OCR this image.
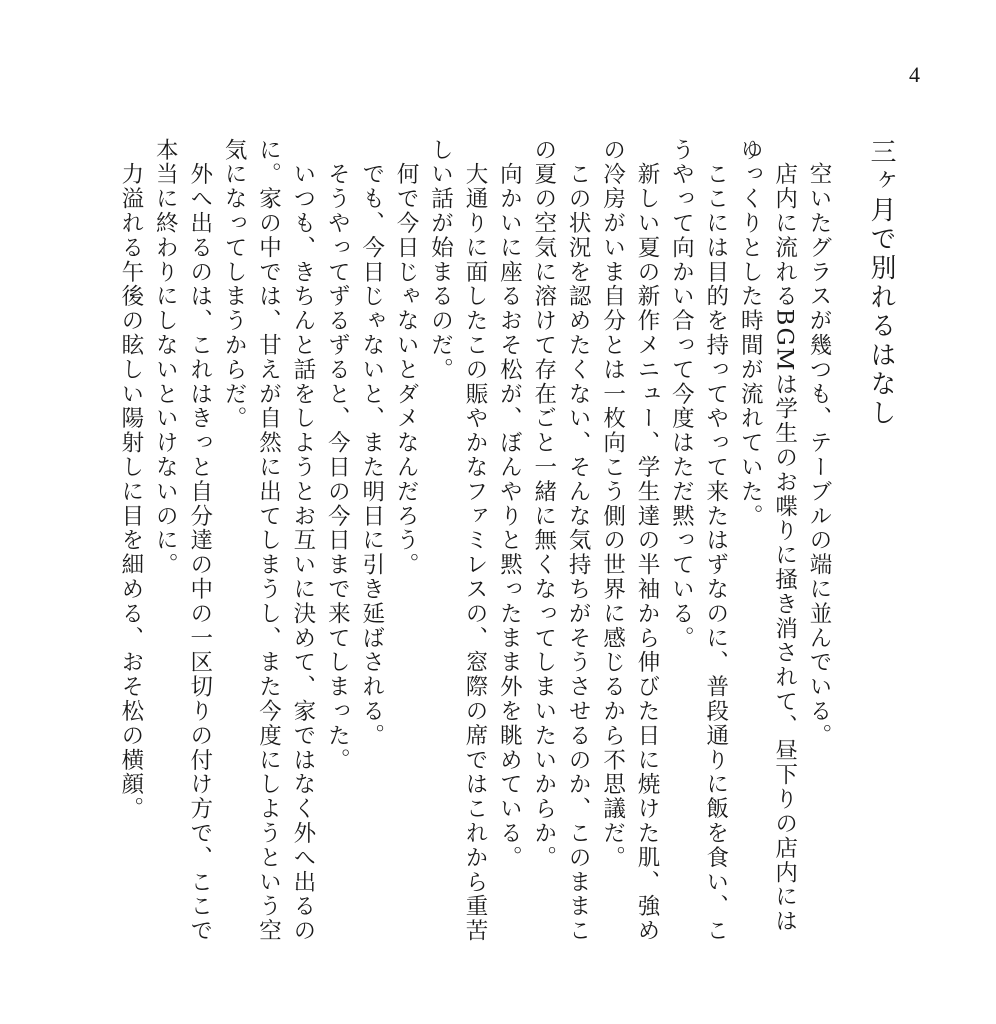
4
三ヶ月で別れるはなし

　空いたグラスが幾つも、テーブルの端に並んでいる。

　店内に流れるBGMは学生のお喋りに掻き消されて、昼下りの店内にはゆっくりとした時間が流れていた。

　ここには目的を持ってやって来たはずなのに、普段通りに飯を食い、こうやって向かい合って今度はただ黙っている。

　新しい夏の新作メニュー、学生達の半袖から伸びた日に焼けた肌、強めの冷房がいま自分とは一枚向こう側の世界に感じるから不思議だ。

　この状況を認めたくない、そんな気持ちがそうさせるのか、このままこの夏の空気に溶けて存在ごと一緒に無くなってしまいたいからか。

　向かいに座るおそ松が、ぼんやりと黙ったまま外を眺めている。

　大通りに面したこの賑やかなファミレスの、窓際の席ではこれから重苦しい話が始まるのだ。

　何で今日じゃないとダメなんだろう。

　でも、今日じゃないと、また明日に引き延ばされる。

　そうやってずるずると、今日の今日まで来てしまった。

　いつも、きちんと話をしようとお互いに決めて、家ではなく外へ出るのに。家の中では、甘えが自然に出てしまうし、また今度にしようという空気になってしまうからだ。

　外へ出るのは、これはきっと自分達の中の一区切りの付け方で、ここで本当に終わりにしないといけないのに。

　力溢れる午後の眩しい陽射しに目を細める、おそ松の横顔。
